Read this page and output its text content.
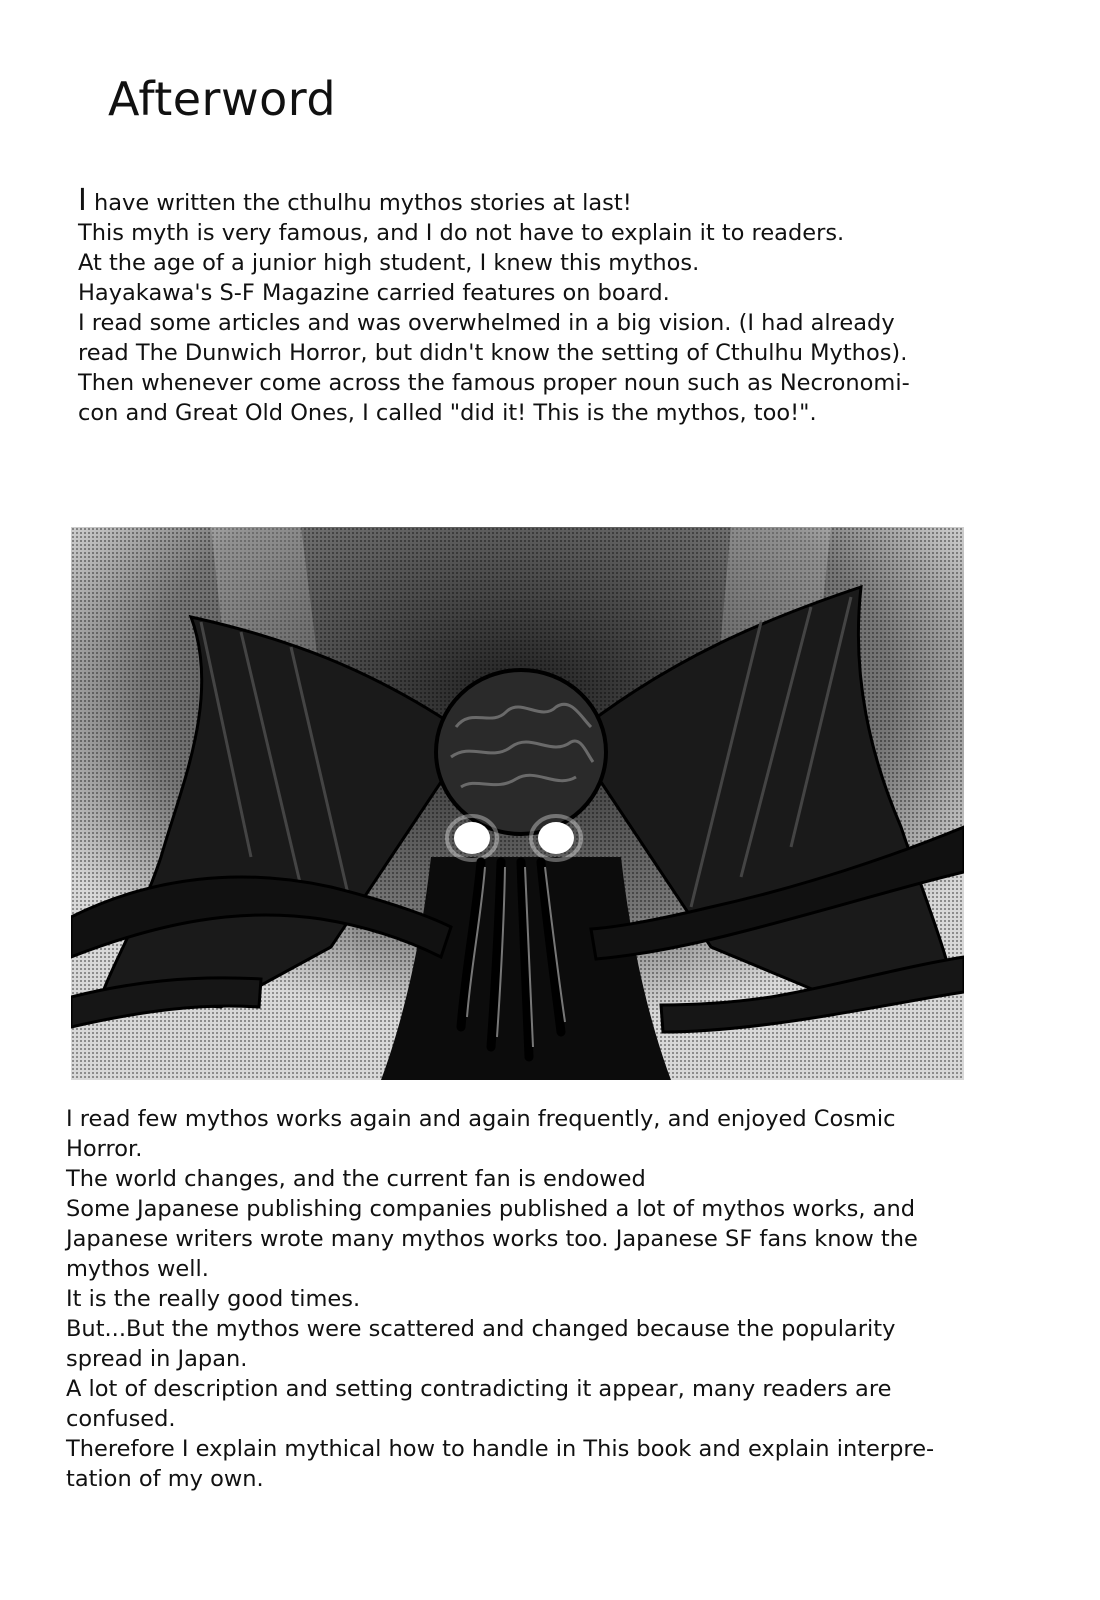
Afterword
I have written the cthulhu mythos stories at last!
This myth is very famous, and I do not have to explain it to readers.
At the age of a junior high student, I knew this mythos.
Hayakawa's S-F Magazine carried features on board.
I read some articles and was overwhelmed in a big vision. (I had already
read The Dunwich Horror, but didn't know the setting of Cthulhu Mythos).
Then whenever come across the famous proper noun such as Necronomi-
con and Great Old Ones, I called "did it! This is the mythos, too!".
I read few mythos works again and again frequently, and enjoyed Cosmic
Horror.
The world changes, and the current fan is endowed
Some Japanese publishing companies published a lot of mythos works, and
Japanese writers wrote many mythos works too. Japanese SF fans know the
mythos well.
It is the really good times.
But...But the mythos were scattered and changed because the popularity
spread in Japan.
A lot of description and setting contradicting it appear, many readers are
confused.
Therefore I explain mythical how to handle in This book and explain interpre-
tation of my own.
